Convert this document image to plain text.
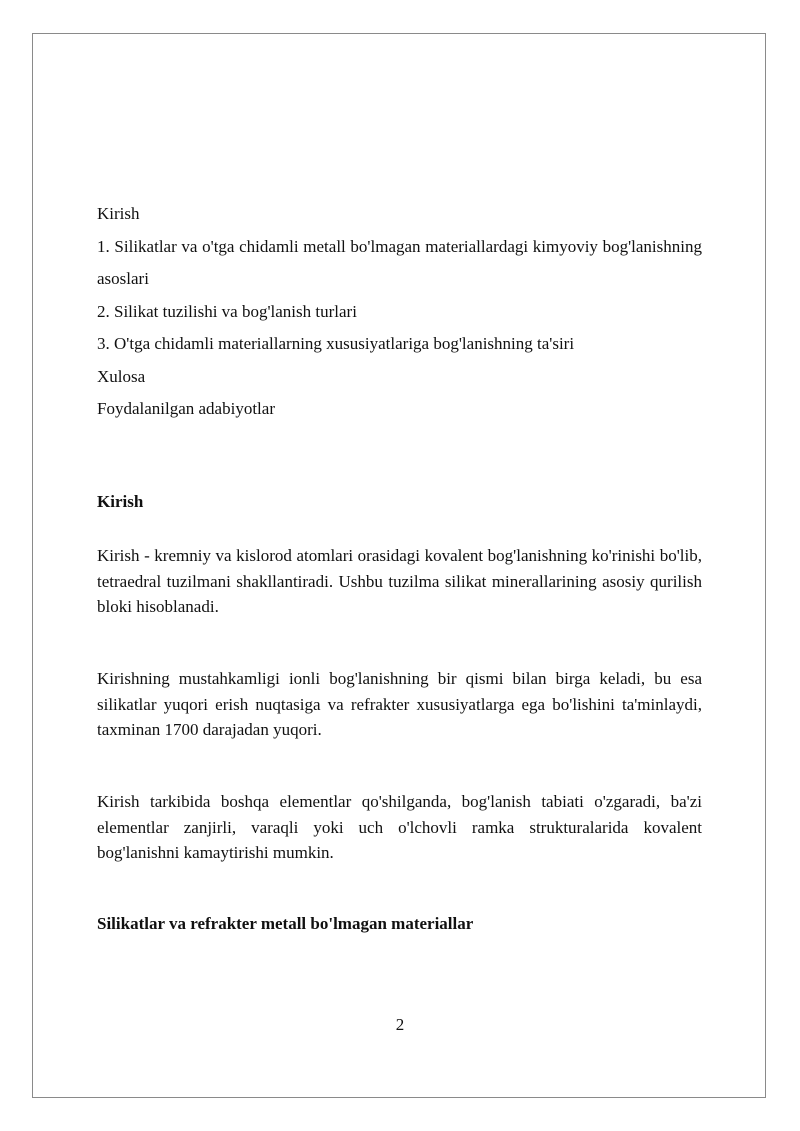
Kirish
1. Silikatlar va o'tga chidamli metall bo'lmagan materiallardagi kimyoviy bog'lanishning asoslari
2. Silikat tuzilishi va bog'lanish turlari
3. O'tga chidamli materiallarning xususiyatlariga bog'lanishning ta'siri
Xulosa
Foydalanilgan adabiyotlar
Kirish

Kirish - kremniy va kislorod atomlari orasidagi kovalent bog'lanishning ko'rinishi bo'lib, tetraedral tuzilmani shakllantiradi. Ushbu tuzilma silikat minerallarining asosiy qurilish bloki hisoblanadi.

Kirishning mustahkamligi ionli bog'lanishning bir qismi bilan birga keladi, bu esa silikatlar yuqori erish nuqtasiga va refrakter xususiyatlarga ega bo'lishini ta'minlaydi, taxminan 1700 darajadan yuqori.

Kirish tarkibida boshqa elementlar qo'shilganda, bog'lanish tabiati o'zgaradi, ba'zi elementlar zanjirli, varaqli yoki uch o'lchovli ramka strukturalarida kovalent bog'lanishni kamaytirishi mumkin.

Silikatlar va refrakter metall bo'lmagan materiallar
2
